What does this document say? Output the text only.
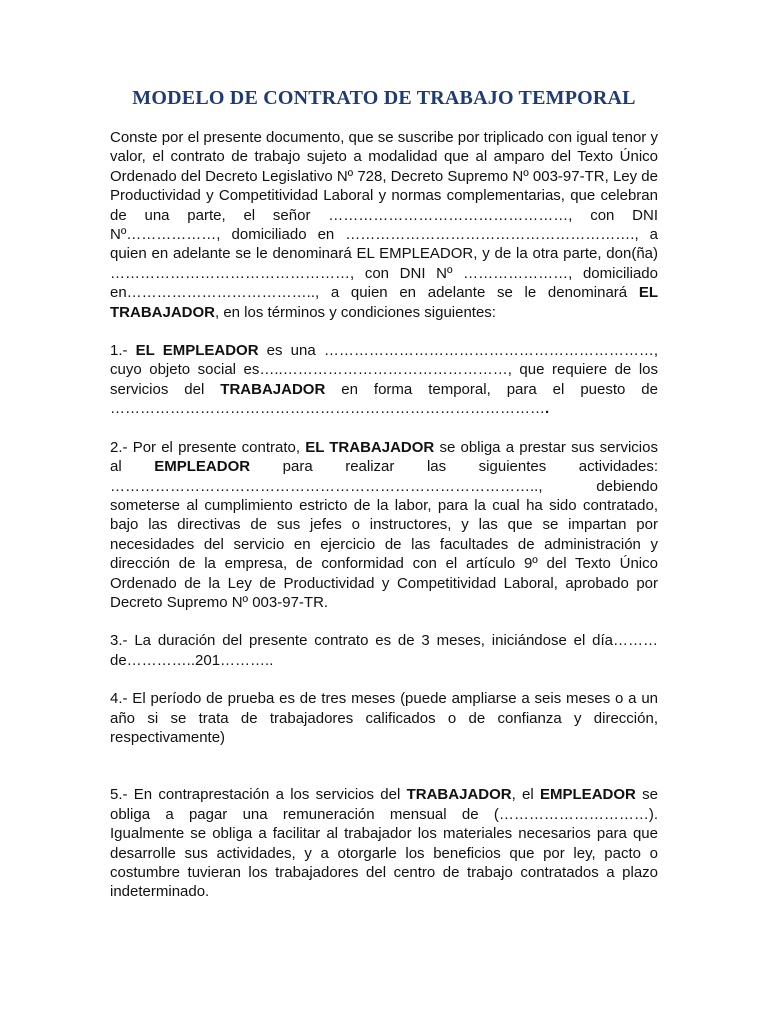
MODELO DE CONTRATO DE TRABAJO TEMPORAL

Conste por el presente documento, que se suscribe por triplicado con igual tenor y valor, el contrato de trabajo sujeto a modalidad que al amparo del Texto Único Ordenado del Decreto Legislativo Nº 728, Decreto Supremo Nº 003-97-TR, Ley de Productividad y Competitividad Laboral y normas complementarias, que celebran de una parte, el señor …………………………………………, con DNI Nº………………, domiciliado en …………………………………………………., a quien en adelante se le denominará EL EMPLEADOR, y de la otra parte, don(ña) …………………………………………, con DNI Nº …………………, domiciliado en……………………………….., a quien en adelante se le denominará EL TRABAJADOR, en los términos y condiciones siguientes:

1.- EL EMPLEADOR es una …………………………………………………………, cuyo objeto social es…..………………………………………, que requiere de los servicios del TRABAJADOR en forma temporal, para el puesto de …………………………………………………………………………….

2.- Por el presente contrato, EL TRABAJADOR se obliga a prestar sus servicios al EMPLEADOR para realizar las siguientes actividades: ………………………………………………………………………….., debiendo someterse al cumplimiento estricto de la labor, para la cual ha sido contratado, bajo las directivas de sus jefes o instructores, y las que se impartan por necesidades del servicio en ejercicio de las facultades de administración y dirección de la empresa, de conformidad con el artículo 9º del Texto Único Ordenado de la Ley de Productividad y Competitividad Laboral, aprobado por Decreto Supremo Nº 003-97-TR.

3.- La duración del presente contrato es de 3 meses, iniciándose el día……… de…………..201………..

4.- El período de prueba es de tres meses (puede ampliarse a seis meses o a un año si se trata de trabajadores calificados o de confianza y dirección, respectivamente)

5.- En contraprestación a los servicios del TRABAJADOR, el EMPLEADOR se obliga a pagar una remuneración mensual de (…………………………). Igualmente se obliga a facilitar al trabajador los materiales necesarios para que desarrolle sus actividades, y a otorgarle los beneficios que por ley, pacto o costumbre tuvieran los trabajadores del centro de trabajo contratados a plazo indeterminado.
